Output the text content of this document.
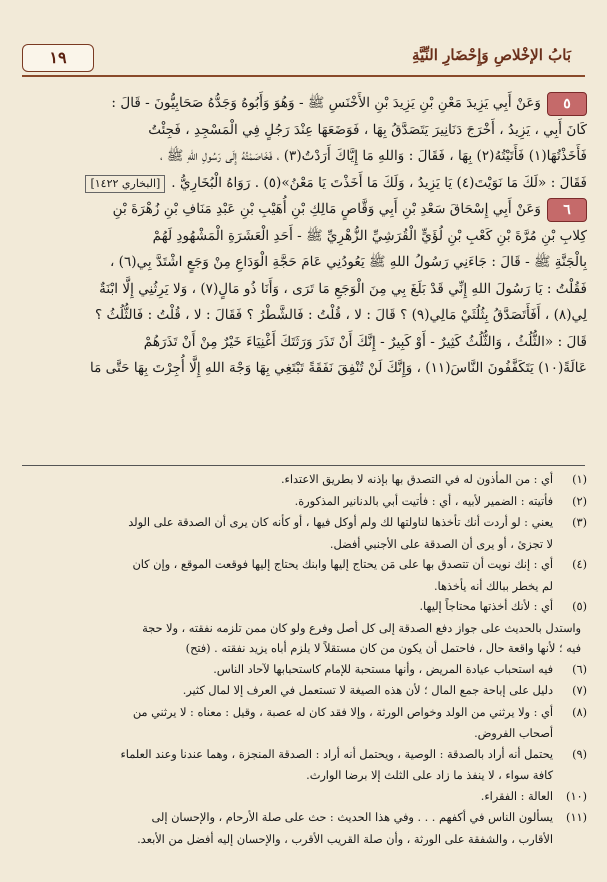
بَابُ الإخْلاصِ وَإِحْضَارِ النِّيَّةِ
١٩

٥وَعَنْ أَبِي يَزِيدَ مَعْنِ بْنِ يَزِيدَ بْنِ الأَخْنَسِ ﷺ - وَهُوَ وَأَبُوهُ وَجَدُّهُ صَحَابِيُّونَ - قَالَ :

كَانَ أَبِي ، يَزِيدُ ، أَخْرَجَ دَنَانِيرَ يَتَصَدَّقُ بِهَا ، فَوَضَعَهَا عِنْدَ رَجُلٍ فِي الْمَسْجِدِ ، فَجِئْتُ

فَأَخَذْتُهَا(١) فَأَتَيْتُهُ(٢) بِهَا ، فَقَالَ : وَاللهِ مَا إِيَّاكَ أَرَدْتُ(٣) ، فَخَاصَمْتُهُ إِلَى رَسُولِ اللهِ ﷺ ،

فَقَالَ : «لَكَ مَا نَوَيْتَ(٤) يَا يَزِيدُ ، وَلَكَ مَا أَخَذْتَ يَا مَعْنُ»(٥) . رَوَاهُ الْبُخَارِيُّ .[البخاري ١٤٢٢]

٦وَعَنْ أَبِي إِسْحَاقَ سَعْدِ بْنِ أَبِي وَقَّاصٍ مَالِكِ بْنِ أُهَيْبِ بْنِ عَبْدِ مَنَافِ بْنِ زُهْرَةَ بْنِ

كِلابِ بْنِ مُرَّةَ بْنِ كَعْبِ بْنِ لُؤَيٍّ الْقُرَشِيِّ الزُّهْرِيِّ ﷺ - أَحَدِ الْعَشَرَةِ الْمَشْهُودِ لَهُمْ

بِالْجَنَّةِ ﷺ - قَالَ : جَاءَنِي رَسُولُ اللهِ ﷺ يَعُودُنِي عَامَ حَجَّةِ الْوَدَاعِ مِنْ وَجَعٍ اشْتَدَّ بِي(٦) ،

فَقُلْتُ : يَا رَسُولَ اللهِ إِنِّي قَدْ بَلَغَ بِي مِنَ الْوَجَعِ مَا تَرَى ، وَأَنَا ذُو مَالٍ(٧) ، وَلا يَرِثُنِي إِلَّا ابْنَةٌ

لِي(٨) ، أَفَأَتَصَدَّقُ بِثُلُثَيْ مَالِي(٩) ؟ قَالَ : لا ، قُلْتُ : فَالشَّطْرُ ؟ فَقَالَ : لا ، قُلْتُ : فَالثُّلُثُ ؟

قَالَ : «الثُّلُثُ ، وَالثُّلُثُ كَثِيرٌ - أَوْ كَبِيرٌ - إِنَّكَ أَنْ تَذَرَ وَرَثَتَكَ أَغْنِيَاءَ خَيْرٌ مِنْ أَنْ تَذَرَهُمْ

عَالَةً(١٠) يَتَكَفَّفُونَ النَّاسَ(١١) ، وَإِنَّكَ لَنْ تُنْفِقَ نَفَقَةً تَبْتَغِي بِهَا وَجْهَ اللهِ إِلَّا أُجِرْتَ بِهَا حَتَّى مَا

(١)أي : من المأذون له في التصدق بها بإذنه لا بطريق الاعتداء.

(٢)فأتيته : الضمير لأبيه ، أي : فأتيت أبي بالدنانير المذكورة.

(٣)يعني : لو أردت أنك تأخذها لناولتها لك ولم أوكل فيها ، أو كأنه كان يرى أن الصدقة على الولد

لا تجزئ ، أو يرى أن الصدقة على الأجنبي أفضل.

(٤)أي : إنك نويت أن تتصدق بها على مَن يحتاج إليها وابنك يحتاج إليها فوقعت الموقع ، وإن كان

لم يخطر ببالك أنه يأخذها.

(٥)أي : لأنك أخذتها محتاجاً إليها.

واستدل بالحديث على جواز دفع الصدقة إلى كل أصل وفرع ولو كان ممن تلزمه نفقته ، ولا حجة

فيه ؛ لأنها واقعة حال ، فاحتمل أن يكون من كان مستقلاً لا يلزم أباه يزيد نفقته . (فتح)

(٦)فيه استحباب عيادة المريض ، وأنها مستحبة للإمام كاستحبابها لآحاد الناس.

(٧)دليل على إباحة جمع المال ؛ لأن هذه الصيغة لا تستعمل في العرف إلا لمال كثير.

(٨)أي : ولا يرثني من الولد وخواص الورثة ، وإلا فقد كان له عصبة ، وقيل : معناه : لا يرثني من

أصحاب الفروض.

(٩)يحتمل أنه أراد بالصدقة : الوصية ، ويحتمل أنه أراد : الصدقة المنجزة ، وهما عندنا وعند العلماء

كافة سواء ، لا ينفذ ما زاد على الثلث إلا برضا الوارث.

(١٠)العالة : الفقراء.

(١١)يسألون الناس في أكفهم . . . وفي هذا الحديث : حث على صلة الأرحام ، والإحسان إلى

الأقارب ، والشفقة على الورثة ، وأن صلة القريب الأقرب ، والإحسان إليه أفضل من الأبعد.
